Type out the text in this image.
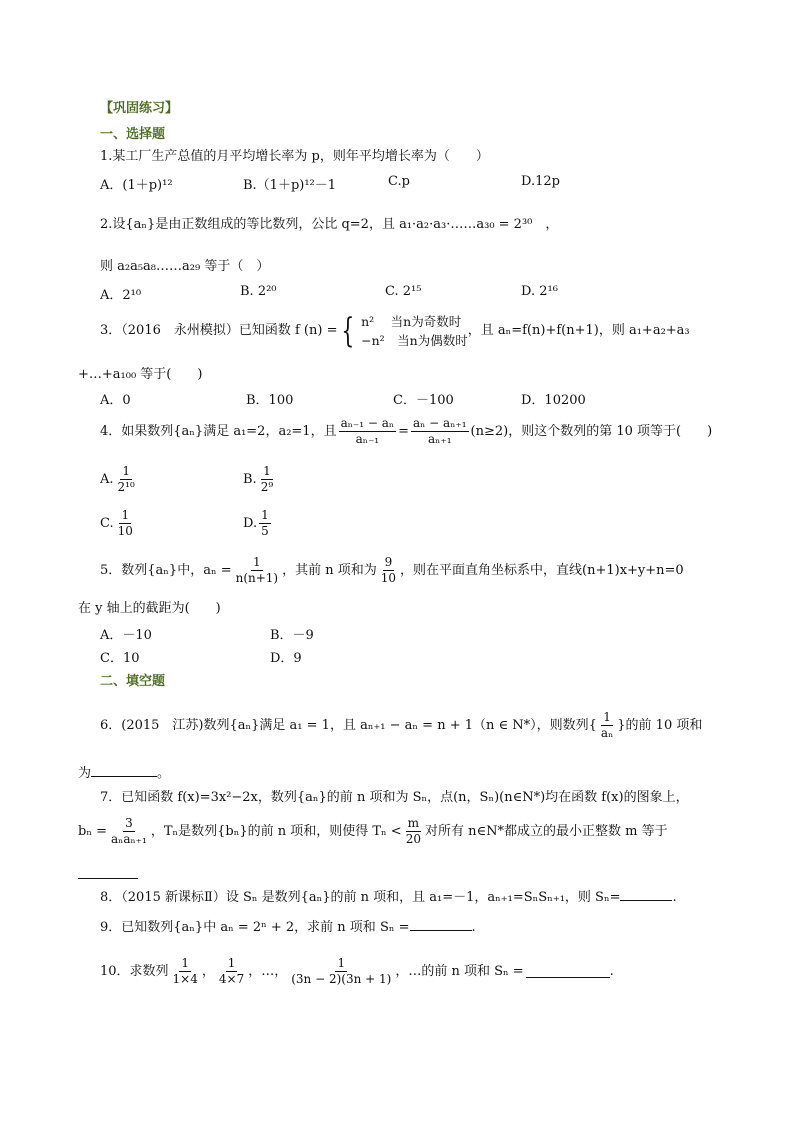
【巩固练习】
一、选择题
1.某工厂生产总值的月平均增长率为 p，则年平均增长率为（　　）
A．(1＋p)¹²	B.（1＋p)¹²－1	C.p	D.12p
2.设{aₙ}是由正数组成的等比数列，公比 q=2，且 a₁·a₂·a₃·……a₃₀ = 2³⁰　，
则 a₂a₅a₈……a₂₉ 等于（　）
A．2¹⁰	B. 2²⁰	C. 2¹⁵	D. 2¹⁶
3．（2016　永州模拟）已知函数 f (n) = { n²　 当n为奇数时
−n²　当n为偶数时
，且 aₙ=f(n)+f(n+1)，则 a₁+a₂+a₃
+…+a₁₀₀ 等于(　　)
A．0	B．100	C．－100	D．10200
4．如果数列{aₙ}满足 a₁=2，a₂=1，且 $\frac{\text{aₙ₋₁ − aₙ}}{\text{aₙ₋₁}} = \frac{\text{aₙ − aₙ₊₁}}{\text{aₙ₊₁}} (n\ge 2)$，则这个数列的第 10 项等于(　　)
A. $\frac{1}{\text{2¹⁰}}$	B. $\frac{1}{\text{2⁹}}$
C. $\frac{1}{10}$	D. $\frac{1}{5}$
5．数列{aₙ}中，$a_n = \frac{1}{n(n+1)}$ ，其前 n 项和为 $\frac{9}{10}$ ，则在平面直角坐标系中，直线(n+1)x+y+n=0
在 y 轴上的截距为(　　)
A．－10	B．－9
C．10	D．9
二、填空题
6．(2015　江苏)数列{aₙ}满足 a₁ = 1，且 aₙ₊₁ − aₙ = n + 1（n ∈ N*），则数列{ $\frac{1}{\text{aₙ}}$ }的前 10 项和
为	。
7．已知函数 f(x)=3x²−2x，数列{aₙ}的前 n 项和为 Sₙ，点(n，Sₙ)(n∈N*)均在函数 f(x)的图象上，
$b_n = \frac{3}{\text{aₙaₙ₊₁}}$ ，Tₙ是数列{bₙ}的前 n 项和，则使得 $T_n < \frac{m}{20}$ 对所有 n∈N*都成立的最小正整数 m 等于
8．（2015 新课标Ⅱ）设 Sₙ 是数列{aₙ}的前 n 项和，且 a₁=－1，aₙ₊₁=SₙSₙ₊₁，则 Sₙ=	.
9．已知数列{aₙ}中 aₙ = 2ⁿ + 2，求前 n 项和 Sₙ =	.
10．求数列 $\frac{1}{1\times 4}$ ， $\frac{1}{4\times 7}$ ，…， $\frac{1}{(3n - 2)(3n + 1)}$ ，…的前 n 项和 Sₙ =	.
